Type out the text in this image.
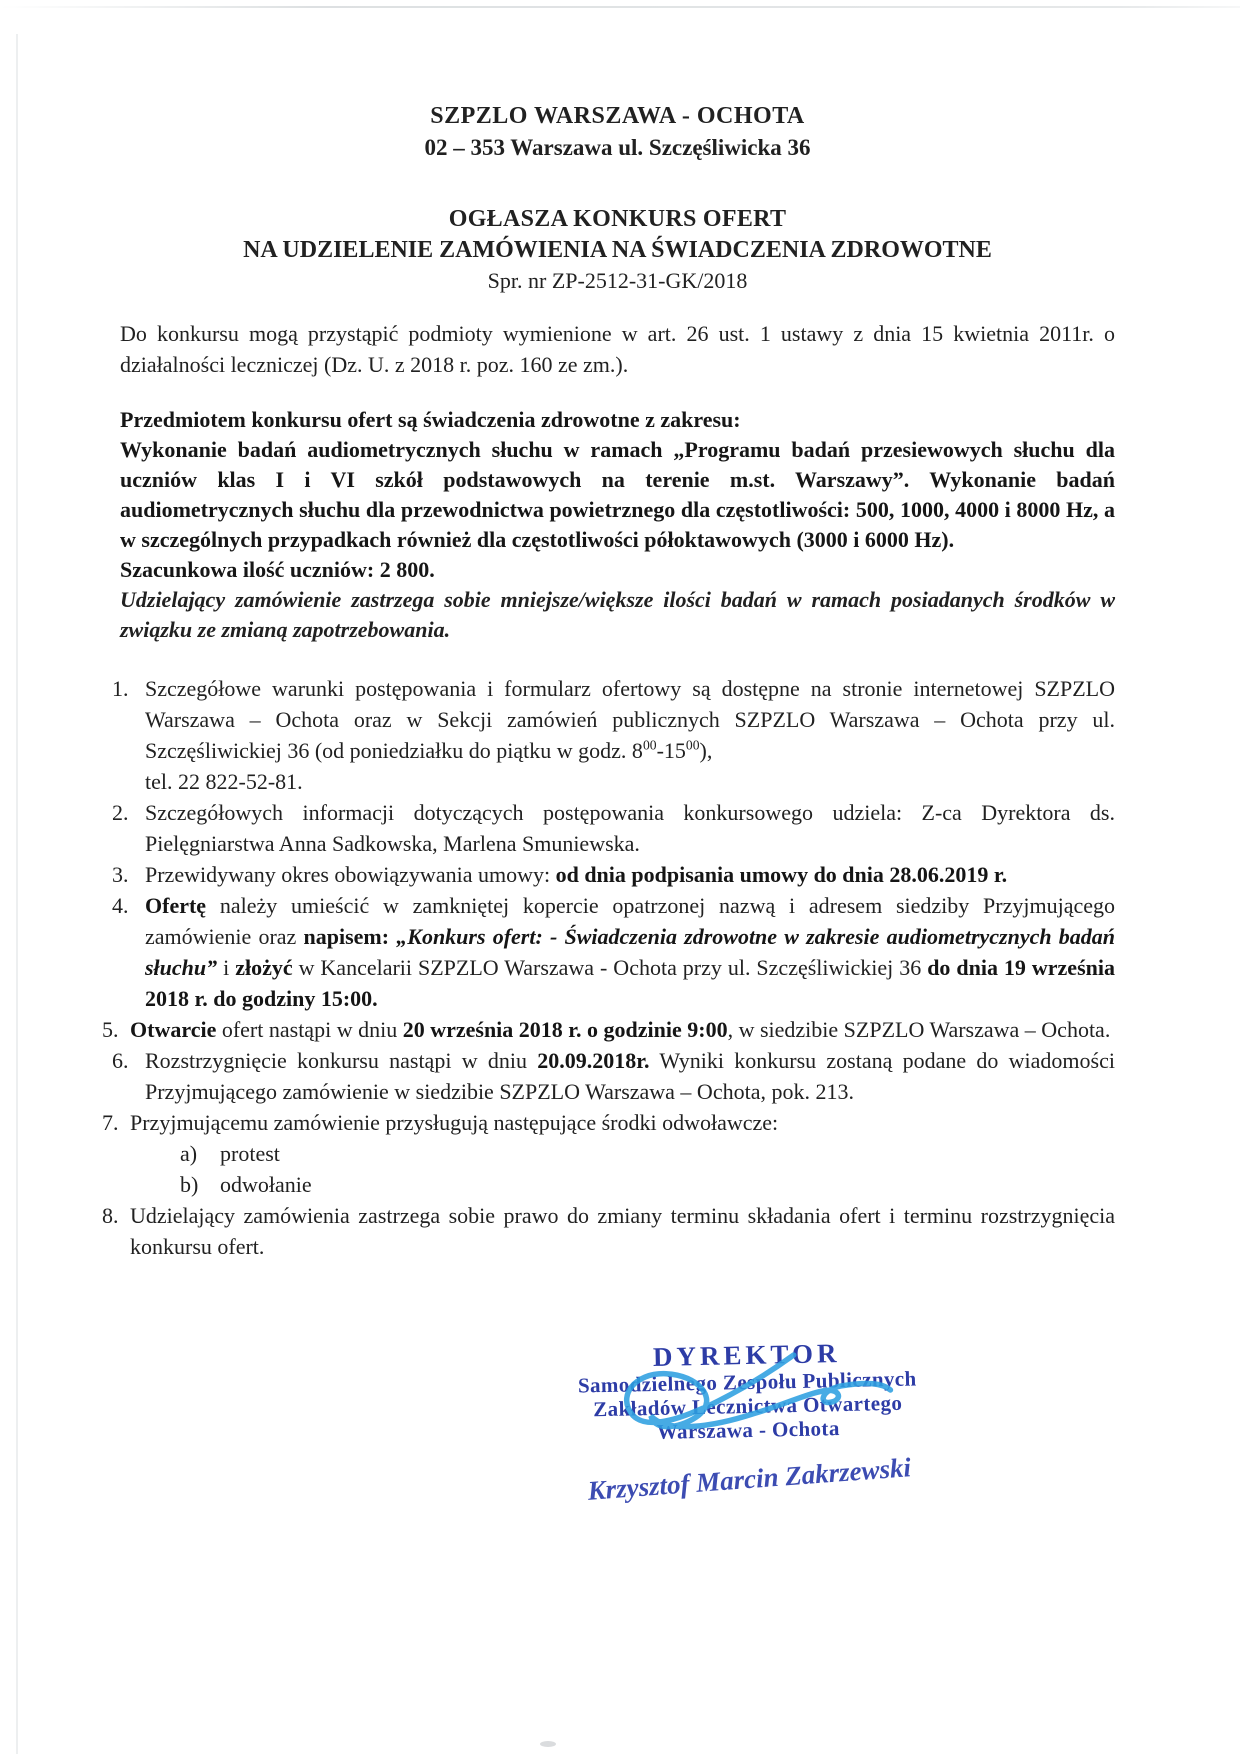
SZPZLO WARSZAWA - OCHOTA
02 – 353 Warszawa ul. Szczęśliwicka 36
OGŁASZA KONKURS OFERT
NA UDZIELENIE ZAMÓWIENIA NA ŚWIADCZENIA ZDROWOTNE
Spr. nr ZP-2512-31-GK/2018

Do konkursu mogą przystąpić podmioty wymienione w art. 26 ust. 1 ustawy z dnia 15 kwietnia 2011r. o działalności leczniczej (Dz. U. z 2018 r. poz. 160 ze zm.).

Przedmiotem konkursu ofert są świadczenia zdrowotne z zakresu:

Wykonanie badań audiometrycznych słuchu w ramach „Programu badań przesiewowych słuchu dla uczniów klas I i VI szkół podstawowych na terenie m.st. Warszawy”. Wykonanie badań audiometrycznych słuchu dla przewodnictwa powietrznego dla częstotliwości: 500, 1000, 4000 i 8000 Hz, a w szczególnych przypadkach również dla częstotliwości półoktawowych (3000 i 6000 Hz).

Szacunkowa ilość uczniów: 2 800.

Udzielający zamówienie zastrzega sobie mniejsze/większe ilości badań w ramach posiadanych środków w związku ze zmianą zapotrzebowania.

1. Szczegółowe warunki postępowania i formularz ofertowy są dostępne na stronie internetowej SZPZLO Warszawa – Ochota oraz w Sekcji zamówień publicznych SZPZLO Warszawa – Ochota przy ul. Szczęśliwickiej 36 (od poniedziałku do piątku w godz. $8^{00}-15^{00}$),
tel. 22 822-52-81.
2. Szczegółowych informacji dotyczących postępowania konkursowego udziela: Z-ca Dyrektora ds. Pielęgniarstwa Anna Sadkowska, Marlena Smuniewska.
3. Przewidywany okres obowiązywania umowy: od dnia podpisania umowy do dnia 28.06.2019 r.
4. Ofertę należy umieścić w zamkniętej kopercie opatrzonej nazwą i adresem siedziby Przyjmującego zamówienie oraz napisem: „Konkurs ofert: - Świadczenia zdrowotne w zakresie audiometrycznych badań słuchu” i złożyć w Kancelarii SZPZLO Warszawa - Ochota przy ul. Szczęśliwickiej 36 do dnia 19 września 2018 r. do godziny 15:00.
5. Otwarcie ofert nastąpi w dniu 20 września 2018 r. o godzinie 9:00, w siedzibie SZPZLO Warszawa – Ochota.
6. Rozstrzygnięcie konkursu nastąpi w dniu 20.09.2018r. Wyniki konkursu zostaną podane do wiadomości Przyjmującego zamówienie w siedzibie SZPZLO Warszawa – Ochota, pok. 213.
7. Przyjmującemu zamówienie przysługują następujące środki odwoławcze:
a)	protest
b) odwołanie
8. Udzielający zamówienia zastrzega sobie prawo do zmiany terminu składania ofert i terminu rozstrzygnięcia konkursu ofert.
DYREKTOR
Samodzielnego Zespołu Publicznych
Zakładów Lecznictwa Otwartego
Warszawa - Ochota
Krzysztof Marcin Zakrzewski
